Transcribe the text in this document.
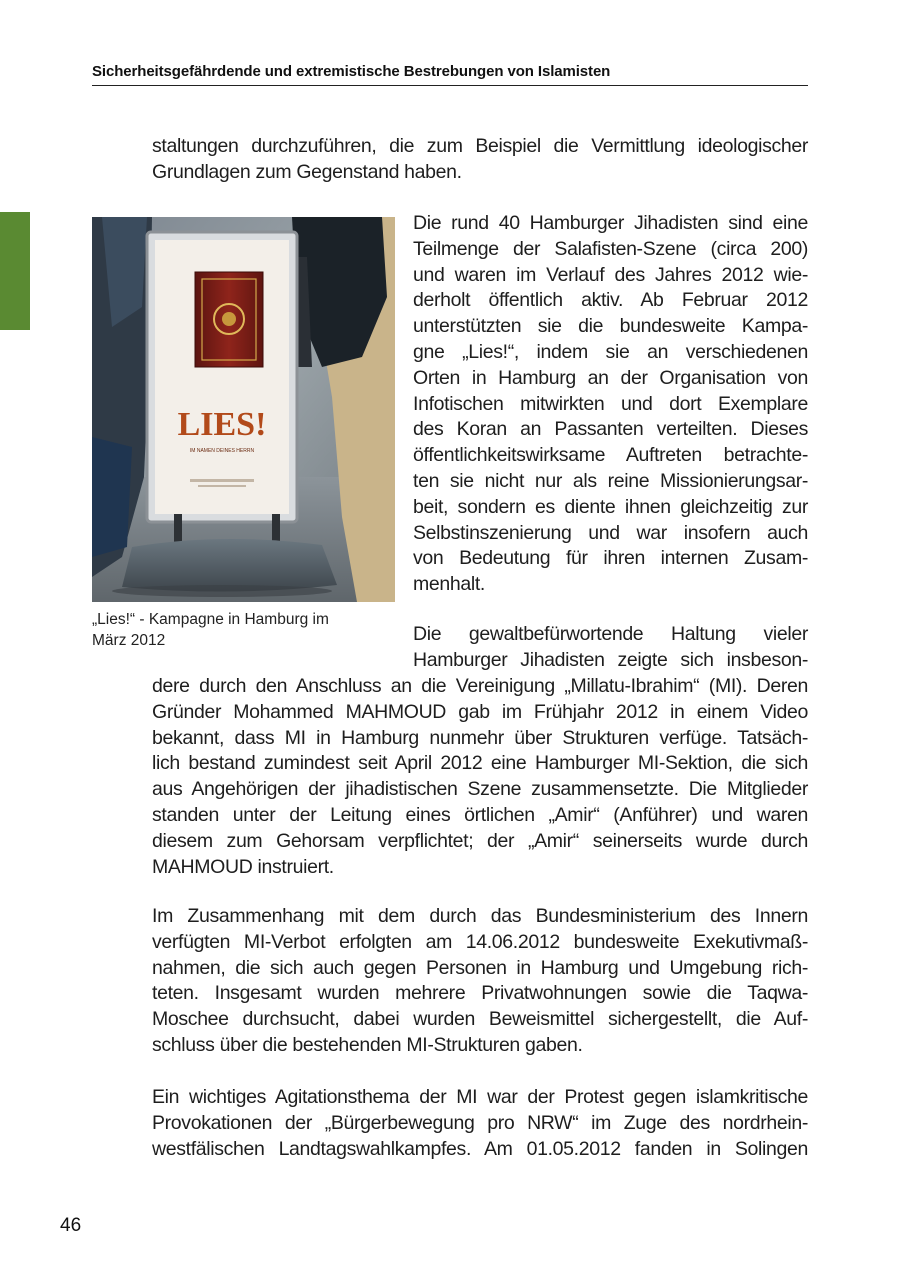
Sicherheitsgefährdende und extremistische Bestrebungen von Islamisten
staltungen durchzuführen, die zum Beispiel die Vermittlung ideologischer
Grundlagen zum Gegenstand haben.
LIES!
IM NAMEN DEINES HERRN
„Lies!“ - Kampagne in Hamburg im
März 2012
Die rund 40 Hamburger Jihadisten sind eine
Teilmenge der Salafisten-Szene (circa 200)
und waren im Verlauf des Jahres 2012 wie-
derholt öffentlich aktiv. Ab Februar 2012
unterstützten sie die bundesweite Kampa-
gne „Lies!“, indem sie an verschiedenen
Orten in Hamburg an der Organisation von
Infotischen mitwirkten und dort Exemplare
des Koran an Passanten verteilten. Dieses
öffentlichkeitswirksame Auftreten betrachte-
ten sie nicht nur als reine Missionierungsar-
beit, sondern es diente ihnen gleichzeitig zur
Selbstinszenierung und war insofern auch
von Bedeutung für ihren internen Zusam-
menhalt.
Die gewaltbefürwortende Haltung vieler
Hamburger Jihadisten zeigte sich insbeson-
dere durch den Anschluss an die Vereinigung „Millatu-Ibrahim“ (MI). Deren
Gründer Mohammed MAHMOUD gab im Frühjahr 2012 in einem Video
bekannt, dass MI in Hamburg nunmehr über Strukturen verfüge. Tatsäch-
lich bestand zumindest seit April 2012 eine Hamburger MI-Sektion, die sich
aus Angehörigen der jihadistischen Szene zusammensetzte. Die Mitglieder
standen unter der Leitung eines örtlichen „Amir“ (Anführer) und waren
diesem zum Gehorsam verpflichtet; der „Amir“ seinerseits wurde durch
MAHMOUD instruiert.
Im Zusammenhang mit dem durch das Bundesministerium des Innern
verfügten MI-Verbot erfolgten am 14.06.2012 bundesweite Exekutivmaß-
nahmen, die sich auch gegen Personen in Hamburg und Umgebung rich-
teten. Insgesamt wurden mehrere Privatwohnungen sowie die Taqwa-
Moschee durchsucht, dabei wurden Beweismittel sichergestellt, die Auf-
schluss über die bestehenden MI-Strukturen gaben.
Ein wichtiges Agitationsthema der MI war der Protest gegen islamkritische
Provokationen der „Bürgerbewegung pro NRW“ im Zuge des nordrhein-
westfälischen Landtagswahlkampfes. Am 01.05.2012 fanden in Solingen
46
